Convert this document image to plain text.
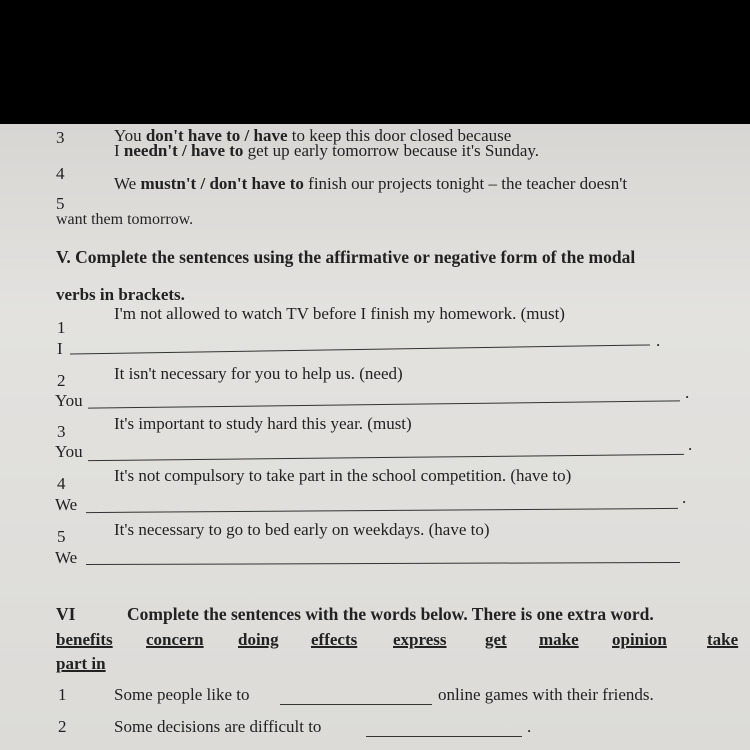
3	You don't have to / have to keep this door closed because
4
I needn't / have to get up early tomorrow because it's Sunday.
5
We mustn't / don't have to finish our projects tonight – the teacher doesn't
want them tomorrow.
V. Complete the sentences using the affirmative or negative form of the modal
verbs in brackets.
1
I'm not allowed to watch TV before I finish my homework. (must)
I	.
2	It isn't necessary for you to help us. (need)
You	.
3	It's important to study hard this year. (must)
You	.
4	It's not compulsory to take part in the school competition. (have to)
We	.
5	It's necessary to go to bed early on weekdays. (have to)
We
VI	Complete the sentences with the words below. There is one extra word.
benefits concern doing effects express get make opinion take
part in
1	Some people like to	online games with their friends.
2	Some decisions are difficult to	.
